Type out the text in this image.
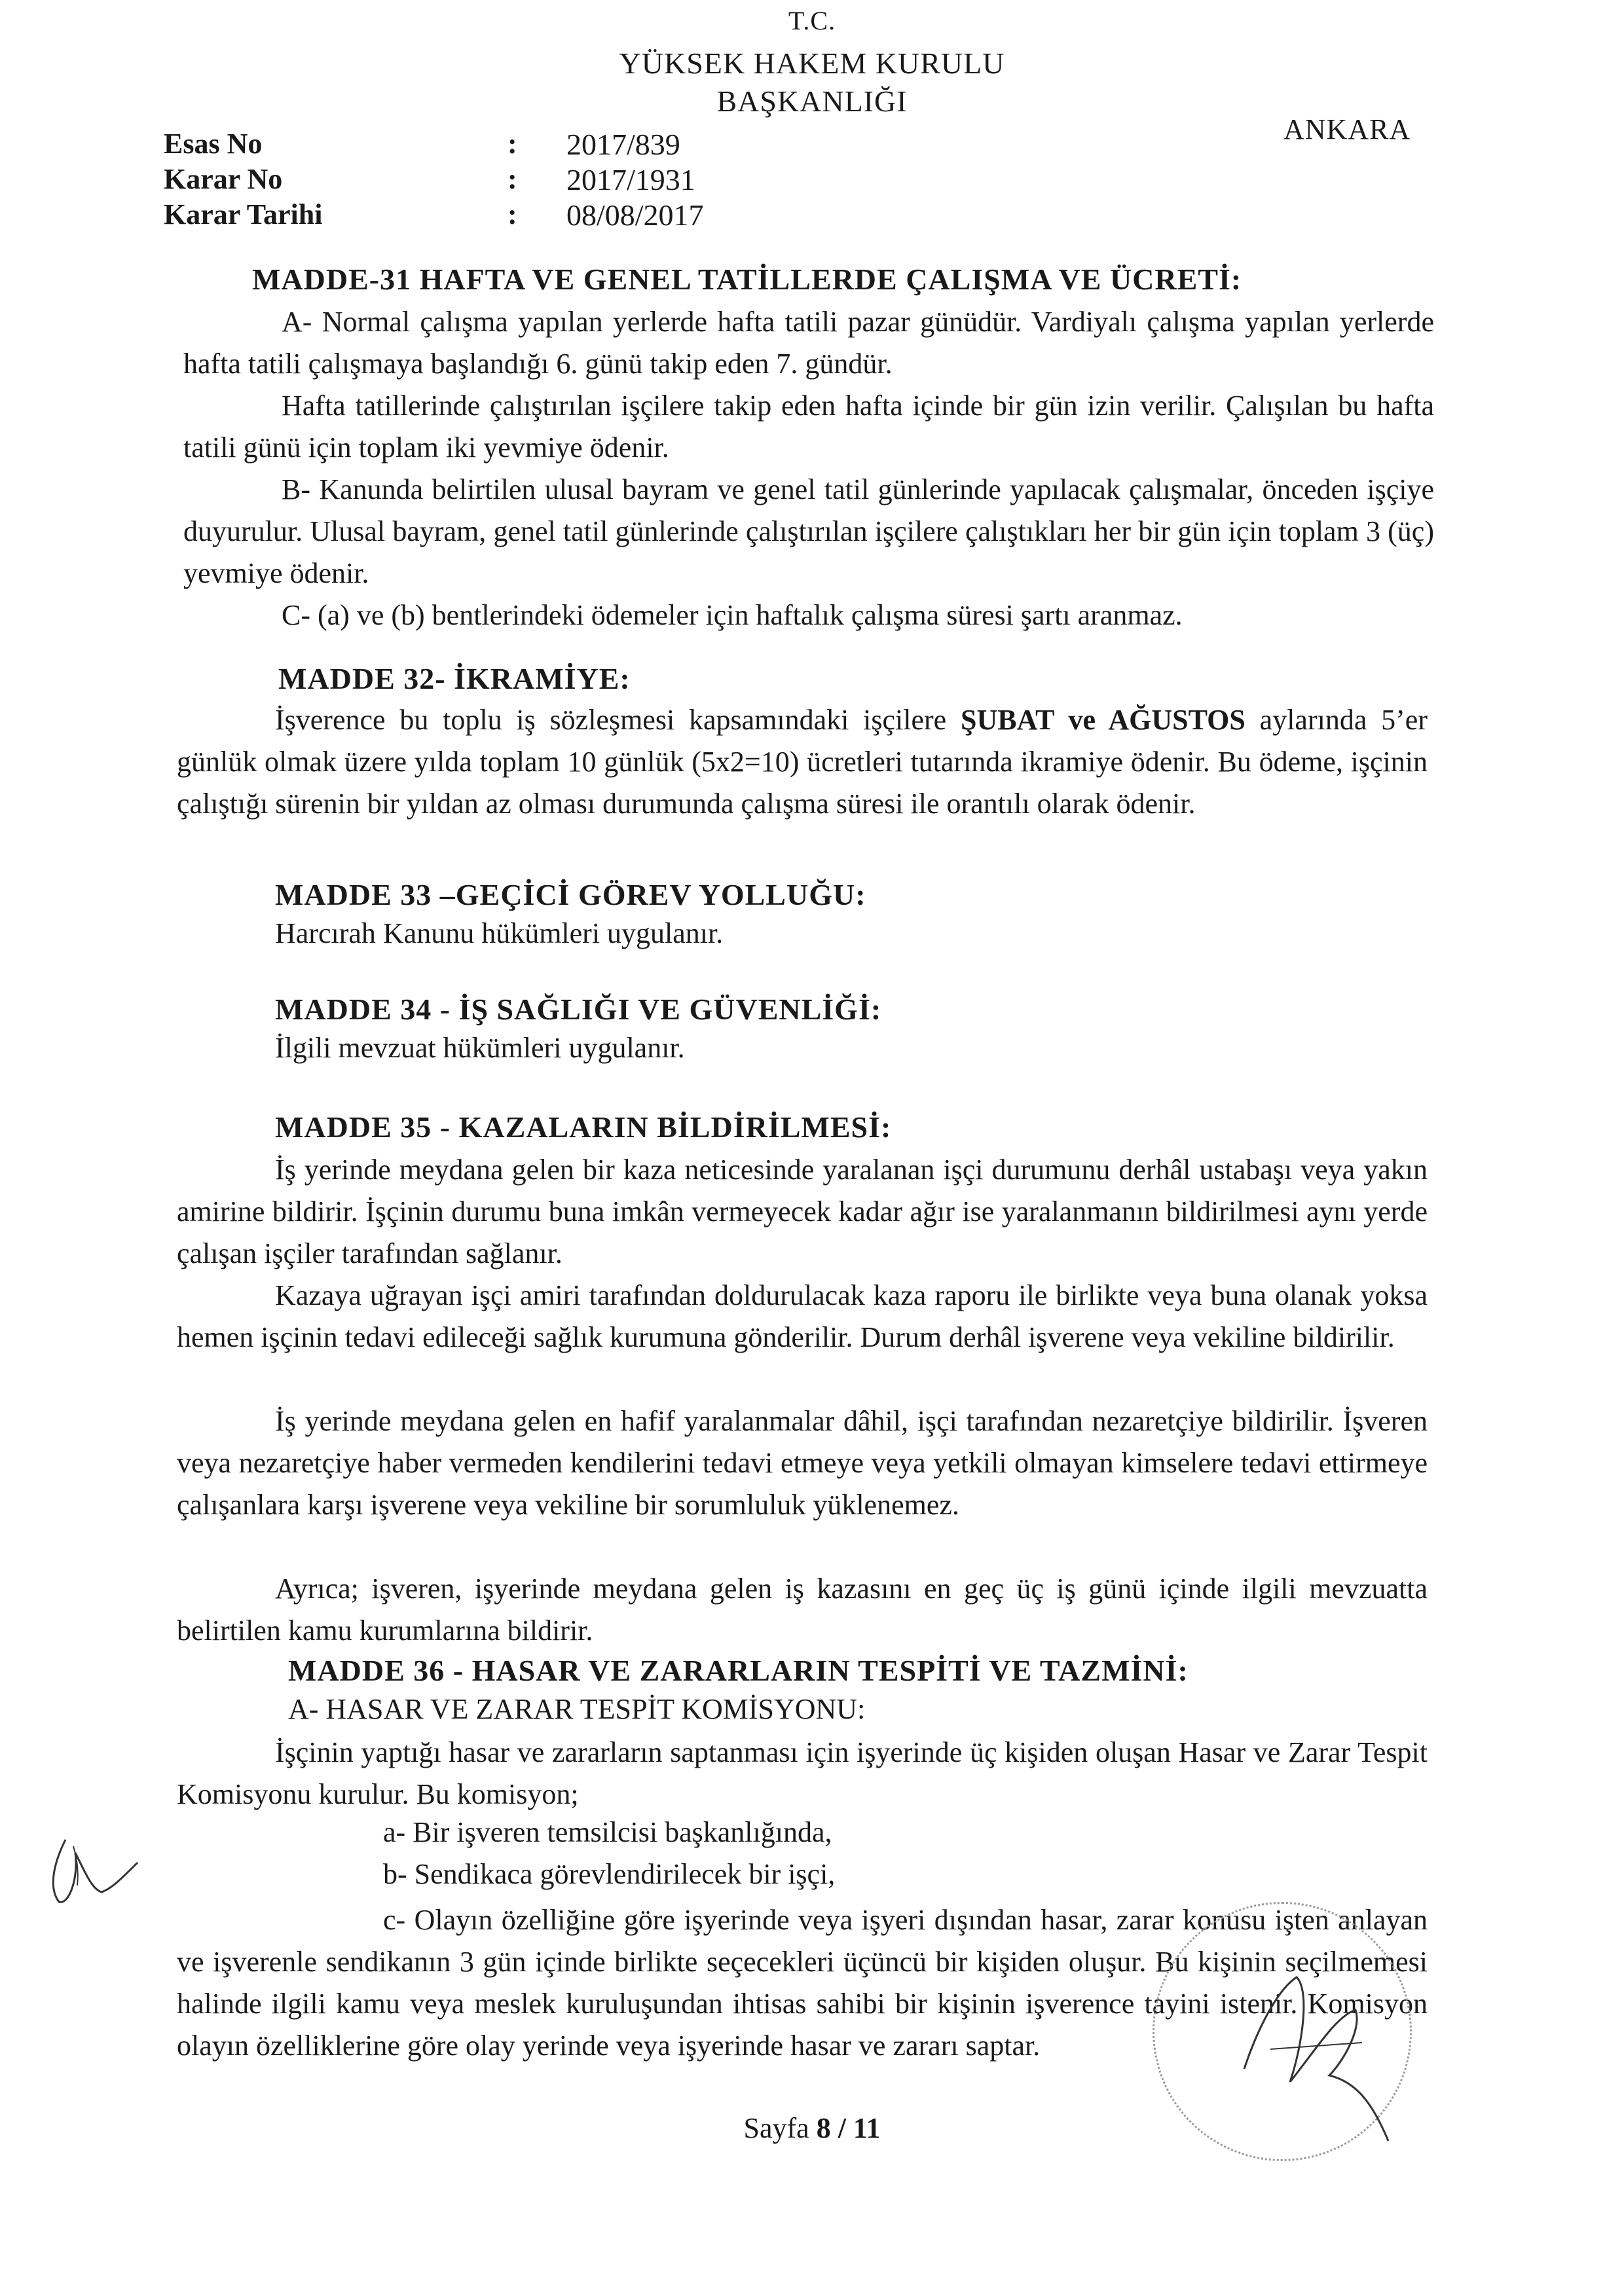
T.C.
YÜKSEK HAKEM KURULU
BAŞKANLIĞI
ANKARA
Esas No	: 2017/839
Karar No	: 2017/1931
Karar Tarihi	: 08/08/2017
MADDE-31 HAFTA VE GENEL TATİLLERDE ÇALIŞMA VE ÜCRETİ:
A- Normal çalışma yapılan yerlerde hafta tatili pazar günüdür. Vardiyalı çalışma yapılan yerlerde hafta tatili çalışmaya başlandığı 6. günü takip eden 7. gündür.
Hafta tatillerinde çalıştırılan işçilere takip eden hafta içinde bir gün izin verilir. Çalışılan bu hafta tatili günü için toplam iki yevmiye ödenir.
B- Kanunda belirtilen ulusal bayram ve genel tatil günlerinde yapılacak çalışmalar, önceden işçiye duyurulur. Ulusal bayram, genel tatil günlerinde çalıştırılan işçilere çalıştıkları her bir gün için toplam 3 (üç) yevmiye ödenir.
C- (a) ve (b) bentlerindeki ödemeler için haftalık çalışma süresi şartı aranmaz.
MADDE 32- İKRAMİYE:
İşverence bu toplu iş sözleşmesi kapsamındaki işçilere ŞUBAT ve AĞUSTOS aylarında 5’er günlük olmak üzere yılda toplam 10 günlük (5x2=10) ücretleri tutarında ikramiye ödenir. Bu ödeme, işçinin çalıştığı sürenin bir yıldan az olması durumunda çalışma süresi ile orantılı olarak ödenir.
MADDE 33 –GEÇİCİ GÖREV YOLLUĞU:
Harcırah Kanunu hükümleri uygulanır.
MADDE 34 - İŞ SAĞLIĞI VE GÜVENLİĞİ:
İlgili mevzuat hükümleri uygulanır.
MADDE 35 - KAZALARIN BİLDİRİLMESİ:
İş yerinde meydana gelen bir kaza neticesinde yaralanan işçi durumunu derhâl ustabaşı veya yakın amirine bildirir. İşçinin durumu buna imkân vermeyecek kadar ağır ise yaralanmanın bildirilmesi aynı yerde çalışan işçiler tarafından sağlanır.
Kazaya uğrayan işçi amiri tarafından doldurulacak kaza raporu ile birlikte veya buna olanak yoksa hemen işçinin tedavi edileceği sağlık kurumuna gönderilir. Durum derhâl işverene veya vekiline bildirilir.
İş yerinde meydana gelen en hafif yaralanmalar dâhil, işçi tarafından nezaretçiye bildirilir. İşveren veya nezaretçiye haber vermeden kendilerini tedavi etmeye veya yetkili olmayan kimselere tedavi ettirmeye çalışanlara karşı işverene veya vekiline bir sorumluluk yüklenemez.
Ayrıca; işveren, işyerinde meydana gelen iş kazasını en geç üç iş günü içinde ilgili mevzuatta belirtilen kamu kurumlarına bildirir.
MADDE 36 - HASAR VE ZARARLARIN TESPİTİ VE TAZMİNİ:
A- HASAR VE ZARAR TESPİT KOMİSYONU:
İşçinin yaptığı hasar ve zararların saptanması için işyerinde üç kişiden oluşan Hasar ve Zarar Tespit Komisyonu kurulur. Bu komisyon;
a- Bir işveren temsilcisi başkanlığında,
b- Sendikaca görevlendirilecek bir işçi,
c- Olayın özelliğine göre işyerinde veya işyeri dışından hasar, zarar konusu işten anlayan ve işverenle sendikanın 3 gün içinde birlikte seçecekleri üçüncü bir kişiden oluşur. Bu kişinin seçilmemesi halinde ilgili kamu veya meslek kuruluşundan ihtisas sahibi bir kişinin işverence tayini istenir. Komisyon olayın özelliklerine göre olay yerinde veya işyerinde hasar ve zararı saptar.
Sayfa 8 / 11
